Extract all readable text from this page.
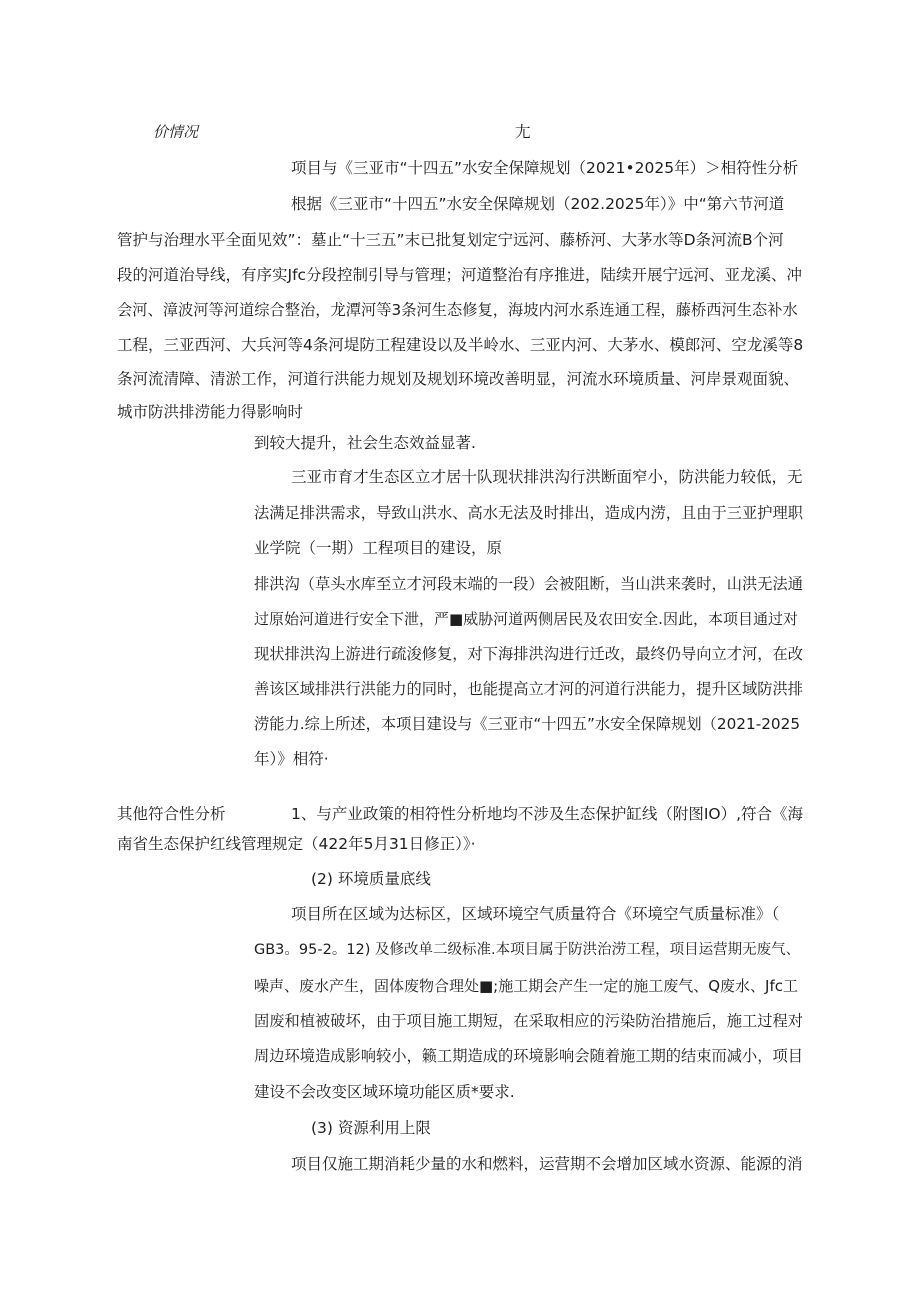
价情况	尢
项目与《三亚市“十四五”水安全保障规划（2021•2025年）＞相符性分析
根据《三亚市“十四五”水安全保障规划（202.2025年）》中“第六节河道
管护与治理水平全面见效”：墓止“十三五”末已批复划定宁远河、藤桥河、大茅水等D条河流B个河
段的河道治导线，有序实Jfc分段控制引导与管理；河道整治有序推进，陆续开展宁远河、亚龙溪、冲
会河、漳波河等河道综合整治，龙潭河等3条河生态修复，海坡内河水系连通工程，藤桥西河生态补水
工程，三亚西河、大兵河等4条河堤防工程建设以及半岭水、三亚内河、大茅水、模郎河、空龙溪等8
条河流清障、清淤工作，河道行洪能力规划及规划环境改善明显，河流水环境质量、河岸景观面貌、
城市防洪排涝能力得影响时
到较大提升，社会生态效益显著.
三亚市育才生态区立才居十队现状排洪沟行洪断面窄小，防洪能力较低，无
法满足排洪需求，导致山洪水、高水无法及时排出，造成内涝，且由于三亚护理职
业学院（一期）工程项目的建设，原
排洪沟（草头水库至立才河段末端的一段）会被阻断，当山洪来袭时，山洪无法通
过原始河道进行安全下泄，严■威胁河道两侧居民及农田安全.因此，本项目通过对
现状排洪沟上游进行疏浚修复，对下海排洪沟进行迁改，最终仍导向立才河，在改
善该区域排洪行洪能力的同时，也能提高立才河的河道行洪能力，提升区域防洪排
涝能力.综上所述，本项目建设与《三亚市“十四五”水安全保障规划（2021-2025
年）》相符·
其他符合性分析	1、与产业政策的相符性分析地均不涉及生态保护缸线（附图IO）,符合《海
南省生态保护红线管理规定（422年5月31日修正）》·
(2) 环境质量底线
项目所在区域为达标区，区域环境空气质量符合《环境空气质量标准》（
GB3。95-2。12) 及修改单二级标准.本项目属于防洪治涝工程，项目运营期无废气、
噪声、废水产生，固体废物合理处■;施工期会产生一定的施工废气、Q废水、Jfc工
固废和植被破坏，由于项目施工期短，在采取相应的污染防治措施后，施工过程对
周边环境造成影响较小，籁工期造成的环境影响会随着施工期的结束而减小，项目
建设不会改变区域环境功能区质*要求.
(3) 资源利用上限
项目仅施工期消耗少量的水和燃料，运营期不会增加区域水资源、能源的消
